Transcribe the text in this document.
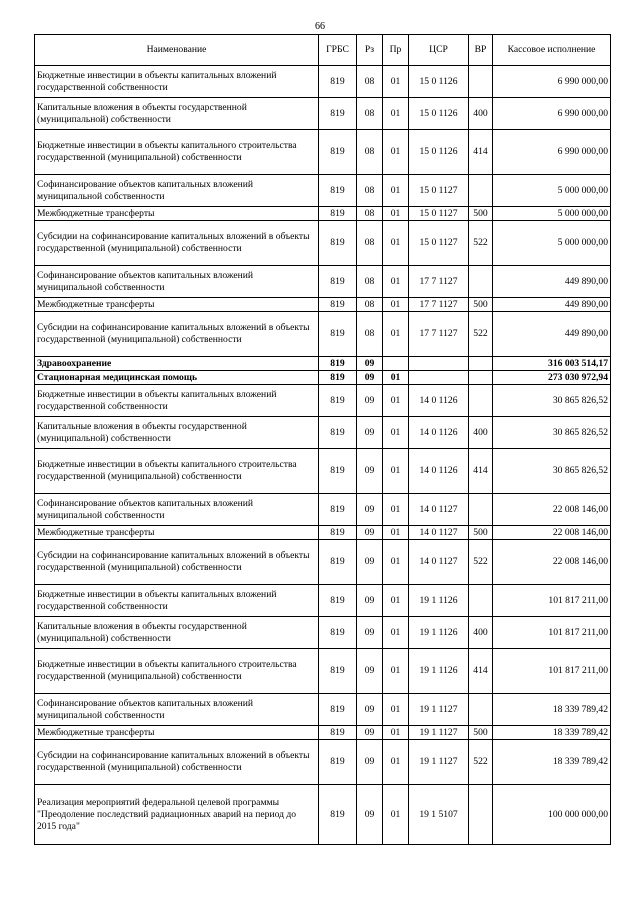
66
Наименование	ГРБС	Рз	Пр	ЦСР	ВР	Кассовое исполнение
Бюджетные инвестиции в объекты капитальных вложений государственной собственности	819	08	01	15 0 1126		6 990 000,00
Капитальные вложения в объекты государственной (муниципальной) собственности	819	08	01	15 0 1126	400	6 990 000,00
Бюджетные инвестиции в объекты капитального строительства государственной (муниципальной) собственности	819	08	01	15 0 1126	414	6 990 000,00
Софинансирование объектов капитальных вложений муниципальной собственности	819	08	01	15 0 1127		5 000 000,00
Межбюджетные трансферты	819	08	01	15 0 1127	500	5 000 000,00
Субсидии на софинансирование капитальных вложений в объекты государственной (муниципальной) собственности	819	08	01	15 0 1127	522	5 000 000,00
Софинансирование объектов капитальных вложений муниципальной собственности	819	08	01	17 7 1127		449 890,00
Межбюджетные трансферты	819	08	01	17 7 1127	500	449 890,00
Субсидии на софинансирование капитальных вложений в объекты государственной (муниципальной) собственности	819	08	01	17 7 1127	522	449 890,00
Здравоохранение	819	09				316 003 514,17
Стационарная медицинская помощь	819	09	01			273 030 972,94
Бюджетные инвестиции в объекты капитальных вложений государственной собственности	819	09	01	14 0 1126		30 865 826,52
Капитальные вложения в объекты государственной (муниципальной) собственности	819	09	01	14 0 1126	400	30 865 826,52
Бюджетные инвестиции в объекты капитального строительства государственной (муниципальной) собственности	819	09	01	14 0 1126	414	30 865 826,52
Софинансирование объектов капитальных вложений муниципальной собственности	819	09	01	14 0 1127		22 008 146,00
Межбюджетные трансферты	819	09	01	14 0 1127	500	22 008 146,00
Субсидии на софинансирование капитальных вложений в объекты государственной (муниципальной) собственности	819	09	01	14 0 1127	522	22 008 146,00
Бюджетные инвестиции в объекты капитальных вложений государственной собственности	819	09	01	19 1 1126		101 817 211,00
Капитальные вложения в объекты государственной (муниципальной) собственности	819	09	01	19 1 1126	400	101 817 211,00
Бюджетные инвестиции в объекты капитального строительства государственной (муниципальной) собственности	819	09	01	19 1 1126	414	101 817 211,00
Софинансирование объектов капитальных вложений муниципальной собственности	819	09	01	19 1 1127		18 339 789,42
Межбюджетные трансферты	819	09	01	19 1 1127	500	18 339 789,42
Субсидии на софинансирование капитальных вложений в объекты государственной (муниципальной) собственности	819	09	01	19 1 1127	522	18 339 789,42
Реализация мероприятий федеральной целевой программы "Преодоление последствий радиационных аварий на период до 2015 года"	819	09	01	19 1 5107		100 000 000,00
